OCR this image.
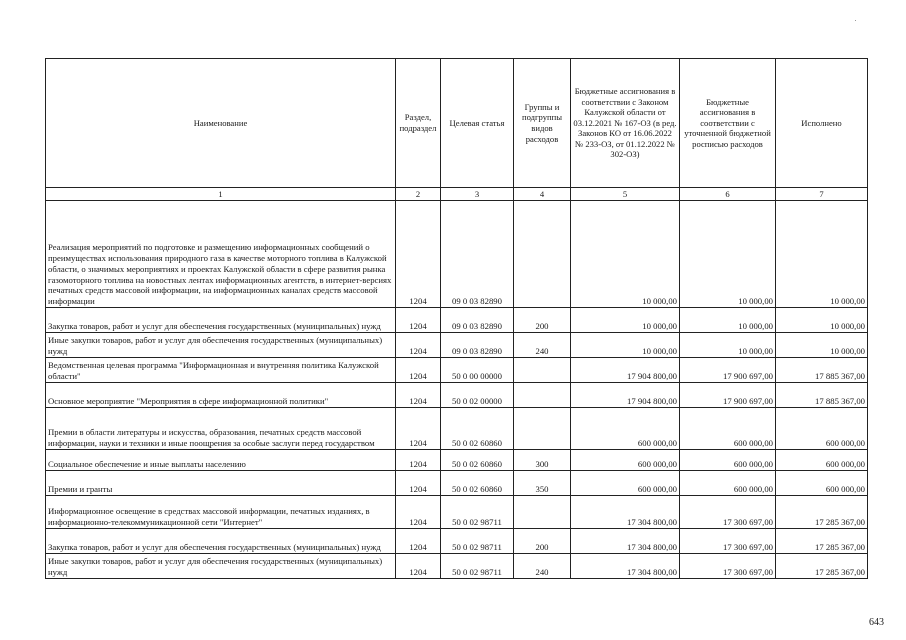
Наименование	Раздел, подраздел	Целевая статья	Группы и подгруппы видов расходов	Бюджетные ассигнования в соответствии с Законом Калужской области от 03.12.2021 № 167-ОЗ (в ред. Законов КО от 16.06.2022 № 233-ОЗ, от 01.12.2022 № 302-ОЗ)	Бюджетные ассигнования в соответствии с уточненной бюджетной росписью расходов	Исполнено
1	2	3	4	5	6	7
Реализация мероприятий по подготовке и размещению информационных сообщений о преимуществах использования природного газа в качестве моторного топлива в Калужской области, о значимых мероприятиях и проектах Калужской области в сфере развития рынка газомоторного топлива на новостных лентах информационных агентств, в интернет-версиях печатных средств массовой информации, на информационных каналах средств массовой информации	1204	09 0 03 82890		10 000,00	10 000,00	10 000,00
Закупка товаров, работ и услуг для обеспечения государственных (муниципальных) нужд	1204	09 0 03 82890	200	10 000,00	10 000,00	10 000,00
Иные закупки товаров, работ и услуг для обеспечения государственных (муниципальных) нужд	1204	09 0 03 82890	240	10 000,00	10 000,00	10 000,00
Ведомственная целевая программа "Информационная и внутренняя политика Калужской области"	1204	50 0 00 00000		17 904 800,00	17 900 697,00	17 885 367,00
Основное мероприятие "Мероприятия в сфере информационной политики"	1204	50 0 02 00000		17 904 800,00	17 900 697,00	17 885 367,00
Премии в области литературы и искусства, образования, печатных средств массовой информации, науки и техники и иные поощрения за особые заслуги перед государством	1204	50 0 02 60860		600 000,00	600 000,00	600 000,00
Социальное обеспечение и иные выплаты населению	1204	50 0 02 60860	300	600 000,00	600 000,00	600 000,00
Премии и гранты	1204	50 0 02 60860	350	600 000,00	600 000,00	600 000,00
Информационное освещение в средствах массовой информации, печатных изданиях, в информационно-телекоммуникационной сети "Интернет"	1204	50 0 02 98711		17 304 800,00	17 300 697,00	17 285 367,00
Закупка товаров, работ и услуг для обеспечения государственных (муниципальных) нужд	1204	50 0 02 98711	200	17 304 800,00	17 300 697,00	17 285 367,00
Иные закупки товаров, работ и услуг для обеспечения государственных (муниципальных) нужд	1204	50 0 02 98711	240	17 304 800,00	17 300 697,00	17 285 367,00
643
